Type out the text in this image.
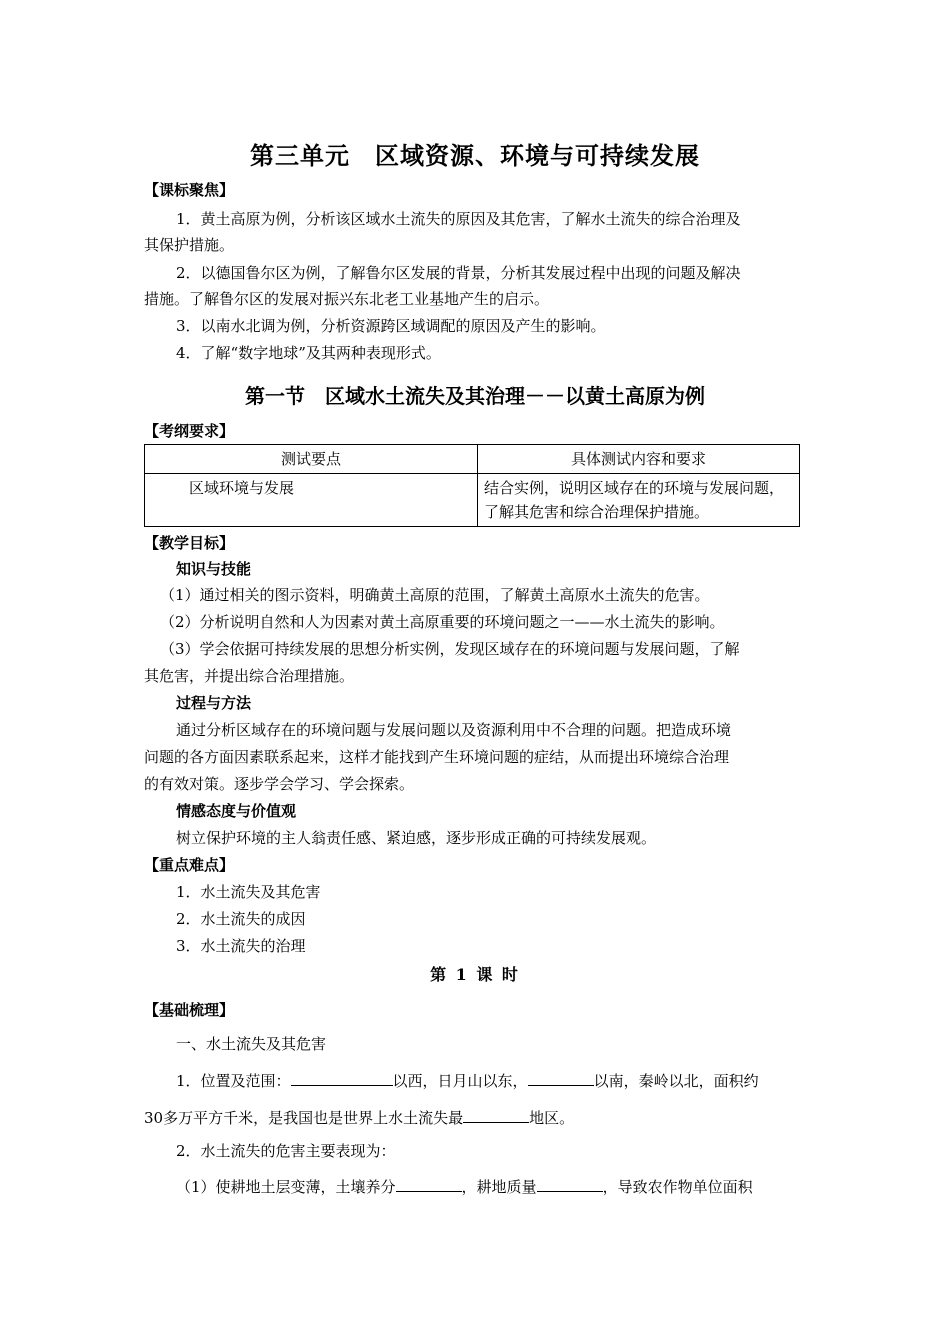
第三单元　区域资源、环境与可持续发展
【课标聚焦】
1．黄土高原为例，分析该区域水土流失的原因及其危害，了解水土流失的综合治理及
其保护措施。
2．以德国鲁尔区为例，了解鲁尔区发展的背景，分析其发展过程中出现的问题及解决
措施。了解鲁尔区的发展对振兴东北老工业基地产生的启示。
3．以南水北调为例，分析资源跨区域调配的原因及产生的影响。
4．了解“数字地球”及其两种表现形式。
第一节　区域水土流失及其治理－－以黄土高原为例
【考纲要求】
测试要点	具体测试内容和要求
区域环境与发展	结合实例，说明区域存在的环境与发展问题，
了解其危害和综合治理保护措施。
【教学目标】
知识与技能
（1）通过相关的图示资料，明确黄土高原的范围，了解黄土高原水土流失的危害。
（2）分析说明自然和人为因素对黄土高原重要的环境问题之一——水土流失的影响。
（3）学会依据可持续发展的思想分析实例，发现区域存在的环境问题与发展问题，了解
其危害，并提出综合治理措施。
过程与方法
通过分析区域存在的环境问题与发展问题以及资源利用中不合理的问题。把造成环境
问题的各方面因素联系起来，这样才能找到产生环境问题的症结，从而提出环境综合治理
的有效对策。逐步学会学习、学会探索。
情感态度与价值观
树立保护环境的主人翁责任感、紧迫感，逐步形成正确的可持续发展观。
【重点难点】
1．水土流失及其危害
2．水土流失的成因
3．水土流失的治理
第 1 课 时
【基础梳理】
一、水土流失及其危害
1．位置及范围：	以西，日月山以东，	以南，秦岭以北，面积约
30多万平方千米，是我国也是世界上水土流失最	地区。
2．水土流失的危害主要表现为：
（1）使耕地土层变薄，土壤养分	，耕地质量	，导致农作物单位面积
